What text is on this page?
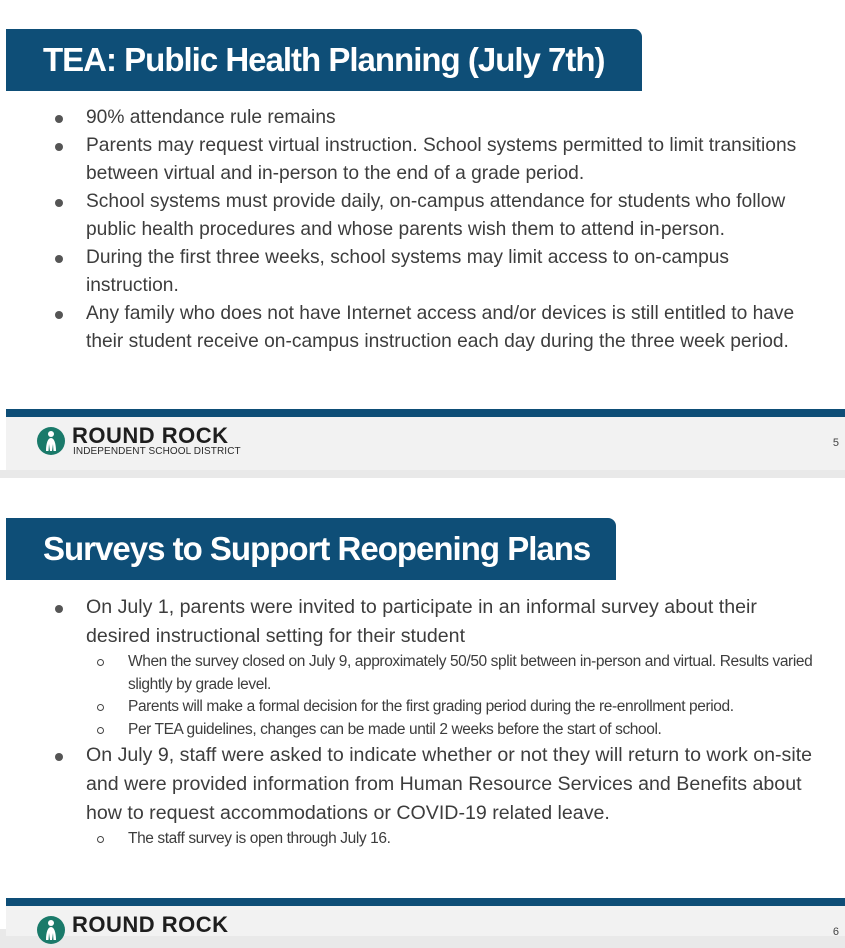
TEA: Public Health Planning (July 7th)
90% attendance rule remains
Parents may request virtual instruction. School systems permitted to limit transitions between virtual and in-person to the end of a grade period.
School systems must provide daily, on-campus attendance for students who follow public health procedures and whose parents wish them to attend in-person.
During the first three weeks, school systems may limit access to on-campus instruction.
Any family who does not have Internet access and/or devices is still entitled to have their student receive on-campus instruction each day during the three week period.
ROUND ROCK
INDEPENDENT SCHOOL DISTRICT
5
Surveys to Support Reopening Plans
On July 1, parents were invited to participate in an informal survey about their desired instructional setting for their student
When the survey closed on July 9, approximately 50/50 split between in-person and virtual. Results varied slightly by grade level.
Parents will make a formal decision for the first grading period during the re-enrollment period.
Per TEA guidelines, changes can be made until 2 weeks before the start of school.
On July 9, staff were asked to indicate whether or not they will return to work on-site and were provided information from Human Resource Services and Benefits about how to request accommodations or COVID-19 related leave.
The staff survey is open through July 16.
ROUND ROCK	6
